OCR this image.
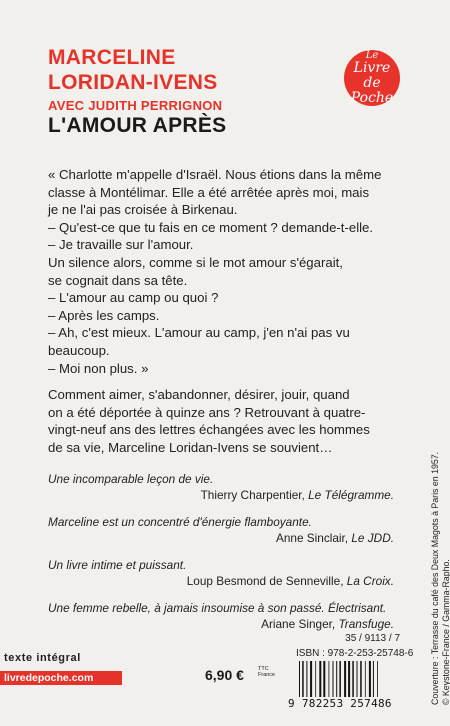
MARCELINE
LORIDAN-IVENS
AVEC JUDITH PERRIGNON
L'AMOUR APRÈS
Le
Livre
de Poche
« Charlotte m'appelle d'Israël. Nous étions dans la même
classe à Montélimar. Elle a été arrêtée après moi, mais
je ne l'ai pas croisée à Birkenau.
– Qu'est-ce que tu fais en ce moment ? demande-t-elle.
– Je travaille sur l'amour.
Un silence alors, comme si le mot amour s'égarait,
se cognait dans sa tête.
– L'amour au camp ou quoi ?
– Après les camps.
– Ah, c'est mieux. L'amour au camp, j'en n'ai pas vu
beaucoup.
– Moi non plus. »
Comment aimer, s'abandonner, désirer, jouir, quand
on a été déportée à quinze ans ? Retrouvant à quatre-
vingt-neuf ans des lettres échangées avec les hommes
de sa vie, Marceline Loridan-Ivens se souvient…
Une incomparable leçon de vie.
Thierry Charpentier, Le Télégramme.
Marceline est un concentré d'énergie flamboyante.
Anne Sinclair, Le JDD.
Un livre intime et puissant.
Loup Besmond de Senneville, La Croix.
Une femme rebelle, à jamais insoumise à son passé. Électrisant.
Ariane Singer, Transfuge.	Couverture : Terrasse du café des Deux Magots à Paris en 1957. © Keystone-France / Gamma-Rapho.
texte intégral
livredepoche.com	6,90 €	TTC
France
35 / 9113 / 7
ISBN : 978-2-253-25748-6
9 782253 257486
